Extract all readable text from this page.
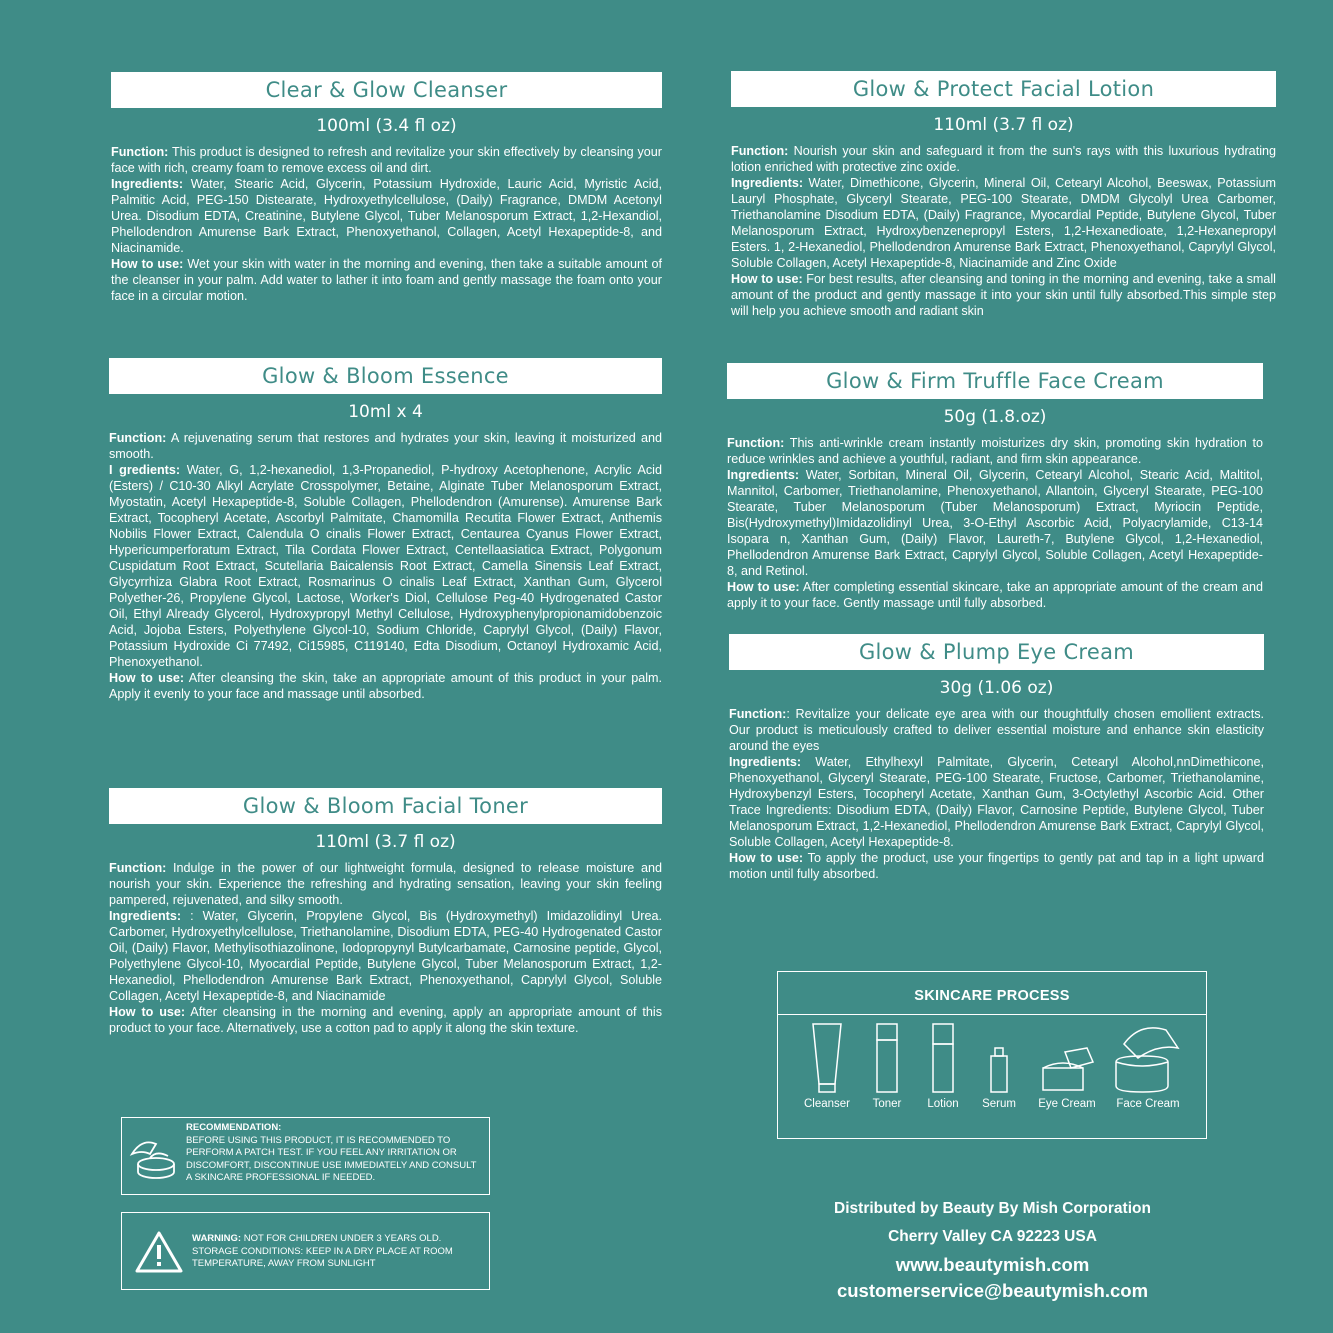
Clear & Glow Cleanser
100ml (3.4 fl oz)

Function: This product is designed to refresh and revitalize your skin effectively by cleansing your face with rich, creamy foam to remove excess oil and dirt.

Ingredients: Water, Stearic Acid, Glycerin, Potassium Hydroxide, Lauric Acid, Myristic Acid, Palmitic Acid, PEG-150 Distearate, Hydroxyethylcellulose, (Daily) Fragrance, DMDM Acetonyl Urea. Disodium EDTA, Creatinine, Butylene Glycol, Tuber Melanosporum Extract, 1,2-Hexandiol, Phellodendron Amurense Bark Extract, Phenoxyethanol, Collagen, Acetyl Hexapeptide-8, and Niacinamide.

How to use: Wet your skin with water in the morning and evening, then take a suitable amount of the cleanser in your palm. Add water to lather it into foam and gently massage the foam onto your face in a circular motion.

Glow & Bloom Essence
10ml x 4

Function: A rejuvenating serum that restores and hydrates your skin, leaving it moisturized and smooth.

I gredients: Water, G, 1,2-hexanediol, 1,3-Propanediol, P-hydroxy Acetophenone, Acrylic Acid (Esters) / C10-30 Alkyl Acrylate Crosspolymer, Betaine, Alginate Tuber Melanosporum Extract, Myostatin, Acetyl Hexapeptide-8, Soluble Collagen, Phellodendron (Amurense). Amurense Bark Extract, Tocopheryl Acetate, Ascorbyl Palmitate, Chamomilla Recutita Flower Extract, Anthemis Nobilis Flower Extract, Calendula O cinalis Flower Extract, Centaurea Cyanus Flower Extract, Hypericumperforatum Extract, Tila Cordata Flower Extract, Centellaasiatica Extract, Polygonum Cuspidatum Root Extract, Scutellaria Baicalensis Root Extract, Camella Sinensis Leaf Extract, Glycyrrhiza Glabra Root Extract, Rosmarinus O cinalis Leaf Extract, Xanthan Gum, Glycerol Polyether-26, Propylene Glycol, Lactose, Worker's Diol, Cellulose Peg-40 Hydrogenated Castor Oil, Ethyl Already Glycerol, Hydroxypropyl Methyl Cellulose, Hydroxyphenylpropionamidobenzoic Acid, Jojoba Esters, Polyethylene Glycol-10, Sodium Chloride, Caprylyl Glycol, (Daily) Flavor, Potassium Hydroxide Ci 77492, Ci15985, C119140, Edta Disodium, Octanoyl Hydroxamic Acid, Phenoxyethanol.

How to use: After cleansing the skin, take an appropriate amount of this product in your palm. Apply it evenly to your face and massage until absorbed.

Glow & Bloom Facial Toner
110ml (3.7 fl oz)

Function: Indulge in the power of our lightweight formula, designed to release moisture and nourish your skin. Experience the refreshing and hydrating sensation, leaving your skin feeling pampered, rejuvenated, and silky smooth.

Ingredients: : Water, Glycerin, Propylene Glycol, Bis (Hydroxymethyl) Imidazolidinyl Urea. Carbomer, Hydroxyethylcellulose, Triethanolamine, Disodium EDTA, PEG-40 Hydrogenated Castor Oil, (Daily) Flavor, Methylisothiazolinone, Iodopropynyl Butylcarbamate, Carnosine peptide, Glycol, Polyethylene Glycol-10, Myocardial Peptide, Butylene Glycol, Tuber Melanosporum Extract, 1,2-Hexanediol, Phellodendron Amurense Bark Extract, Phenoxyethanol, Caprylyl Glycol, Soluble Collagen, Acetyl Hexapeptide-8, and Niacinamide

How to use: After cleansing in the morning and evening, apply an appropriate amount of this product to your face. Alternatively, use a cotton pad to apply it along the skin texture.

Glow & Protect Facial Lotion
110ml (3.7 fl oz)

Function: Nourish your skin and safeguard it from the sun's rays with this luxurious hydrating lotion enriched with protective zinc oxide.

Ingredients: Water, Dimethicone, Glycerin, Mineral Oil, Cetearyl Alcohol, Beeswax, Potassium Lauryl Phosphate, Glyceryl Stearate, PEG-100 Stearate, DMDM Glycolyl Urea Carbomer, Triethanolamine Disodium EDTA, (Daily) Fragrance, Myocardial Peptide, Butylene Glycol, Tuber Melanosporum Extract, Hydroxybenzenepropyl Esters, 1,2-Hexanedioate, 1,2-Hexanepropyl Esters. 1, 2-Hexanediol, Phellodendron Amurense Bark Extract, Phenoxyethanol, Caprylyl Glycol, Soluble Collagen, Acetyl Hexapeptide-8, Niacinamide and Zinc Oxide

How to use: For best results, after cleansing and toning in the morning and evening, take a small amount of the product and gently massage it into your skin until fully absorbed.This simple step will help you achieve smooth and radiant skin

Glow & Firm Truffle Face Cream
50g (1.8.oz)

Function: This anti-wrinkle cream instantly moisturizes dry skin, promoting skin hydration to reduce wrinkles and achieve a youthful, radiant, and firm skin appearance.

Ingredients: Water, Sorbitan, Mineral Oil, Glycerin, Cetearyl Alcohol, Stearic Acid, Maltitol, Mannitol, Carbomer, Triethanolamine, Phenoxyethanol, Allantoin, Glyceryl Stearate, PEG-100 Stearate, Tuber Melanosporum (Tuber Melanosporum) Extract, Myriocin Peptide, Bis(Hydroxymethyl)Imidazolidinyl Urea, 3-O-Ethyl Ascorbic Acid, Polyacrylamide, C13-14 Isopara n, Xanthan Gum, (Daily) Flavor, Laureth-7, Butylene Glycol, 1,2-Hexanediol, Phellodendron Amurense Bark Extract, Caprylyl Glycol, Soluble Collagen, Acetyl Hexapeptide-8, and Retinol.

How to use: After completing essential skincare, take an appropriate amount of the cream and apply it to your face. Gently massage until fully absorbed.

Glow & Plump Eye Cream
30g (1.06 oz)

Function:: Revitalize your delicate eye area with our thoughtfully chosen emollient extracts. Our product is meticulously crafted to deliver essential moisture and enhance skin elasticity around the eyes

Ingredients: Water, Ethylhexyl Palmitate, Glycerin, Cetearyl Alcohol,nnDimethicone, Phenoxyethanol, Glyceryl Stearate, PEG-100 Stearate, Fructose, Carbomer, Triethanolamine, Hydroxybenzyl Esters, Tocopheryl Acetate, Xanthan Gum, 3-Octylethyl Ascorbic Acid. Other Trace Ingredients: Disodium EDTA, (Daily) Flavor, Carnosine Peptide, Butylene Glycol, Tuber Melanosporum Extract, 1,2-Hexanediol, Phellodendron Amurense Bark Extract, Caprylyl Glycol, Soluble Collagen, Acetyl Hexapeptide-8.

How to use: To apply the product, use your fingertips to gently pat and tap in a light upward motion until fully absorbed.

RECOMMENDATION:
BEFORE USING THIS PRODUCT, IT IS RECOMMENDED TO PERFORM A PATCH TEST. IF YOU FEEL ANY IRRITATION OR DISCOMFORT, DISCONTINUE USE IMMEDIATELY AND CONSULT A SKINCARE PROFESSIONAL IF NEEDED.
WARNING: NOT FOR CHILDREN UNDER 3 YEARS OLD.
STORAGE CONDITIONS: KEEP IN A DRY PLACE AT ROOM TEMPERATURE, AWAY FROM SUNLIGHT
SKINCARE PROCESS
Cleanser	Toner	Lotion	Serum	Eye Cream	Face Cream
Distributed by Beauty By Mish Corporation
Cherry Valley CA 92223 USA
www.beautymish.com
customerservice@beautymish.com
